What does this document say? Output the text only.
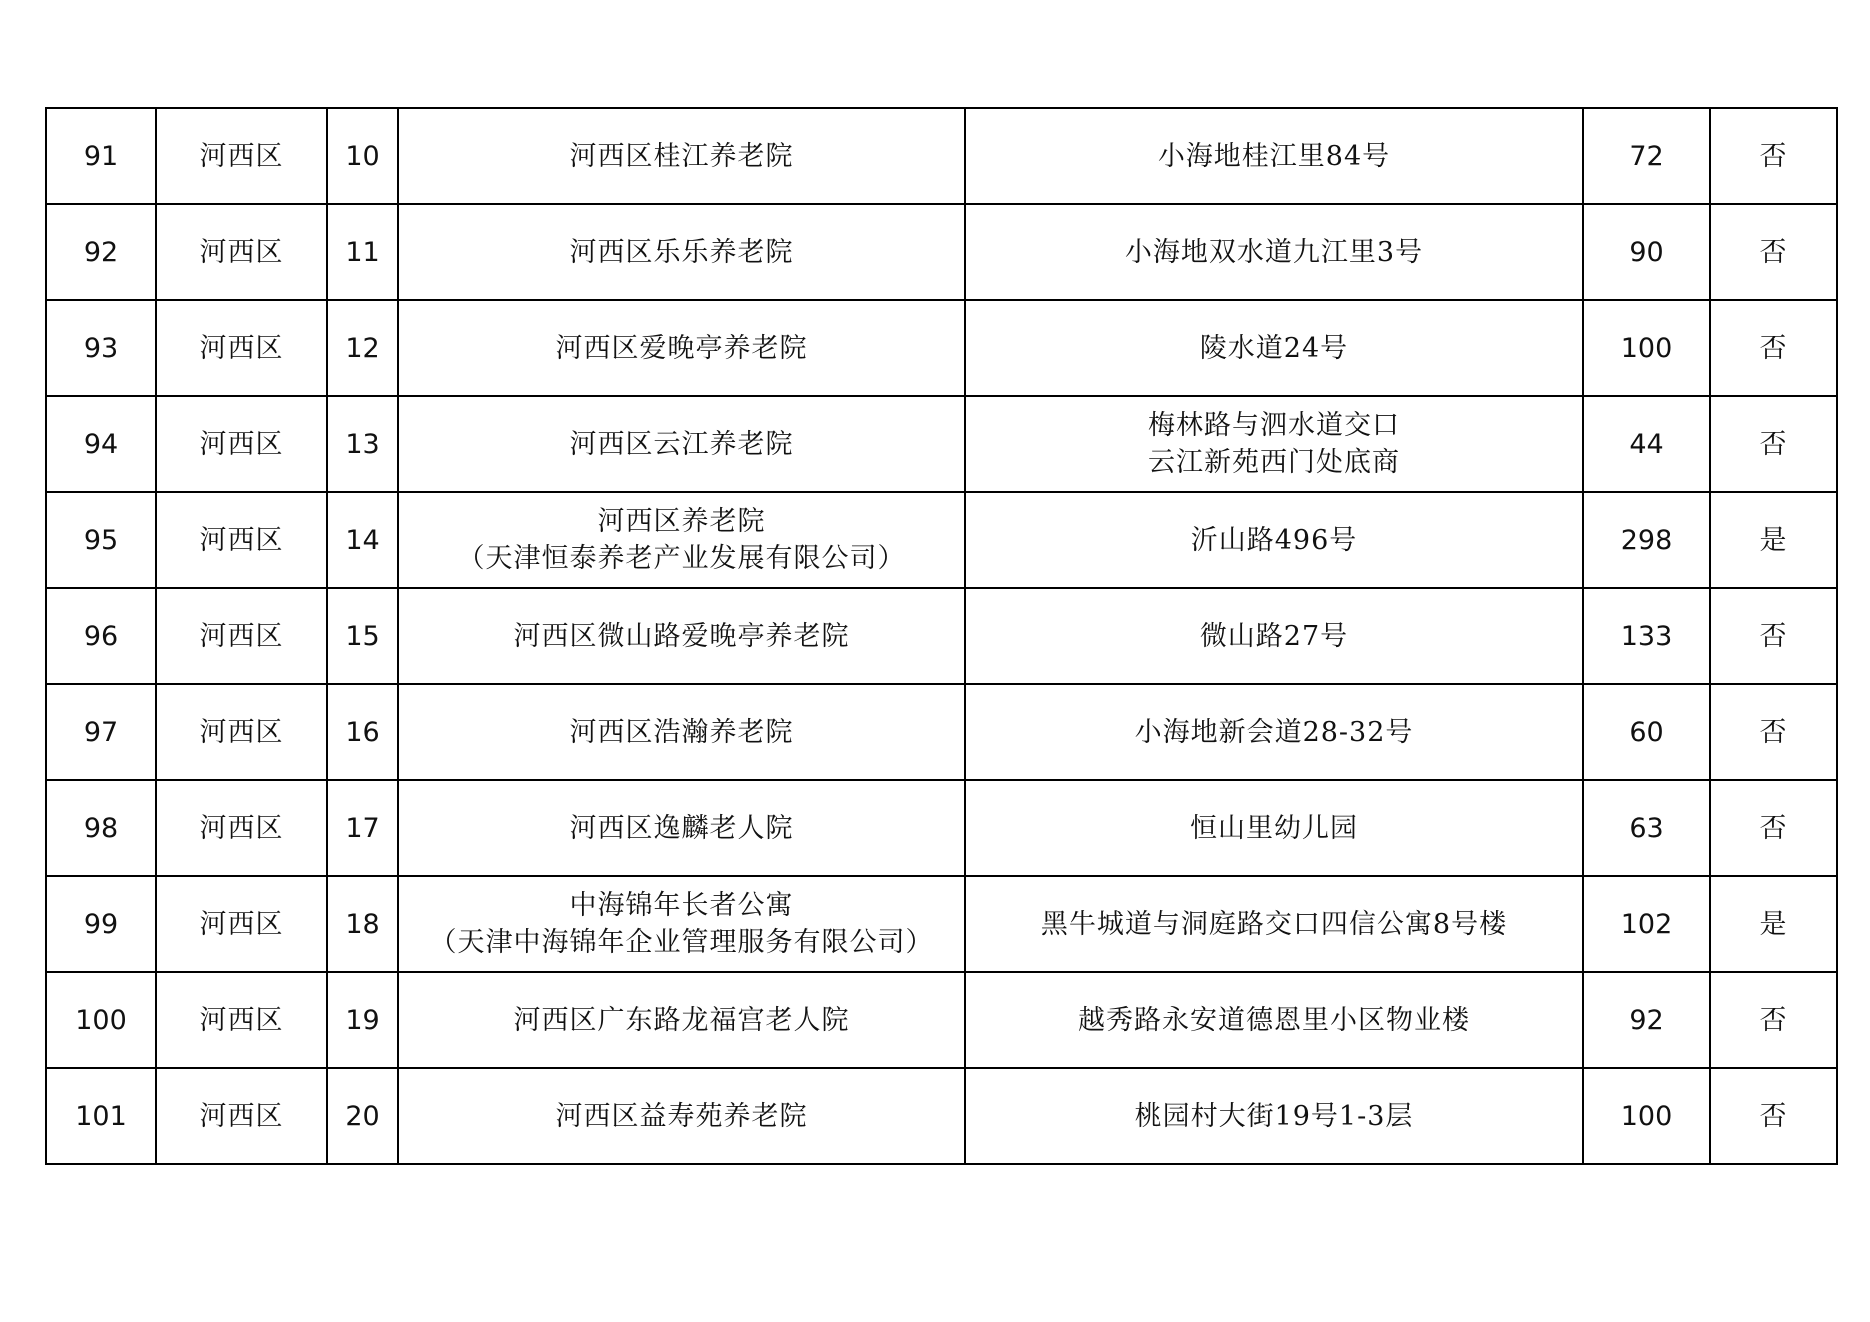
91	河西区	10	河西区桂江养老院	小海地桂江里84号	72	否
92	河西区	11	河西区乐乐养老院	小海地双水道九江里3号	90	否
93	河西区	12	河西区爱晚亭养老院	陵水道24号	100	否
94	河西区	13	河西区云江养老院	梅林路与泗水道交口
云江新苑西门处底商	44	否
95	河西区	14	河西区养老院
（天津恒泰养老产业发展有限公司）	沂山路496号	298	是
96	河西区	15	河西区微山路爱晚亭养老院	微山路27号	133	否
97	河西区	16	河西区浩瀚养老院	小海地新会道28-32号	60	否
98	河西区	17	河西区逸麟老人院	恒山里幼儿园	63	否
99	河西区	18	中海锦年长者公寓
（天津中海锦年企业管理服务有限公司）	黑牛城道与洞庭路交口四信公寓8号楼	102	是
100	河西区	19	河西区广东路龙福宫老人院	越秀路永安道德恩里小区物业楼	92	否
101	河西区	20	河西区益寿苑养老院	桃园村大街19号1-3层	100	否
